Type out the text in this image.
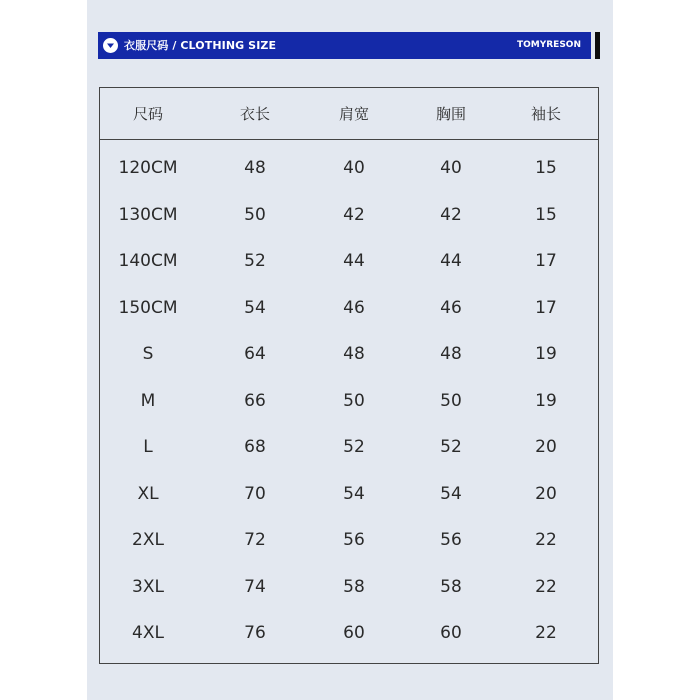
衣服尺码 / CLOTHING SIZE	TOMYRESON
尺码	衣长	肩宽	胸围	袖长
120CM	48	40	40	15
130CM	50	42	42	15
140CM	52	44	44	17
150CM	54	46	46	17
S	64	48	48	19
M	66	50	50	19
L	68	52	52	20
XL	70	54	54	20
2XL	72	56	56	22
3XL	74	58	58	22
4XL	76	60	60	22
